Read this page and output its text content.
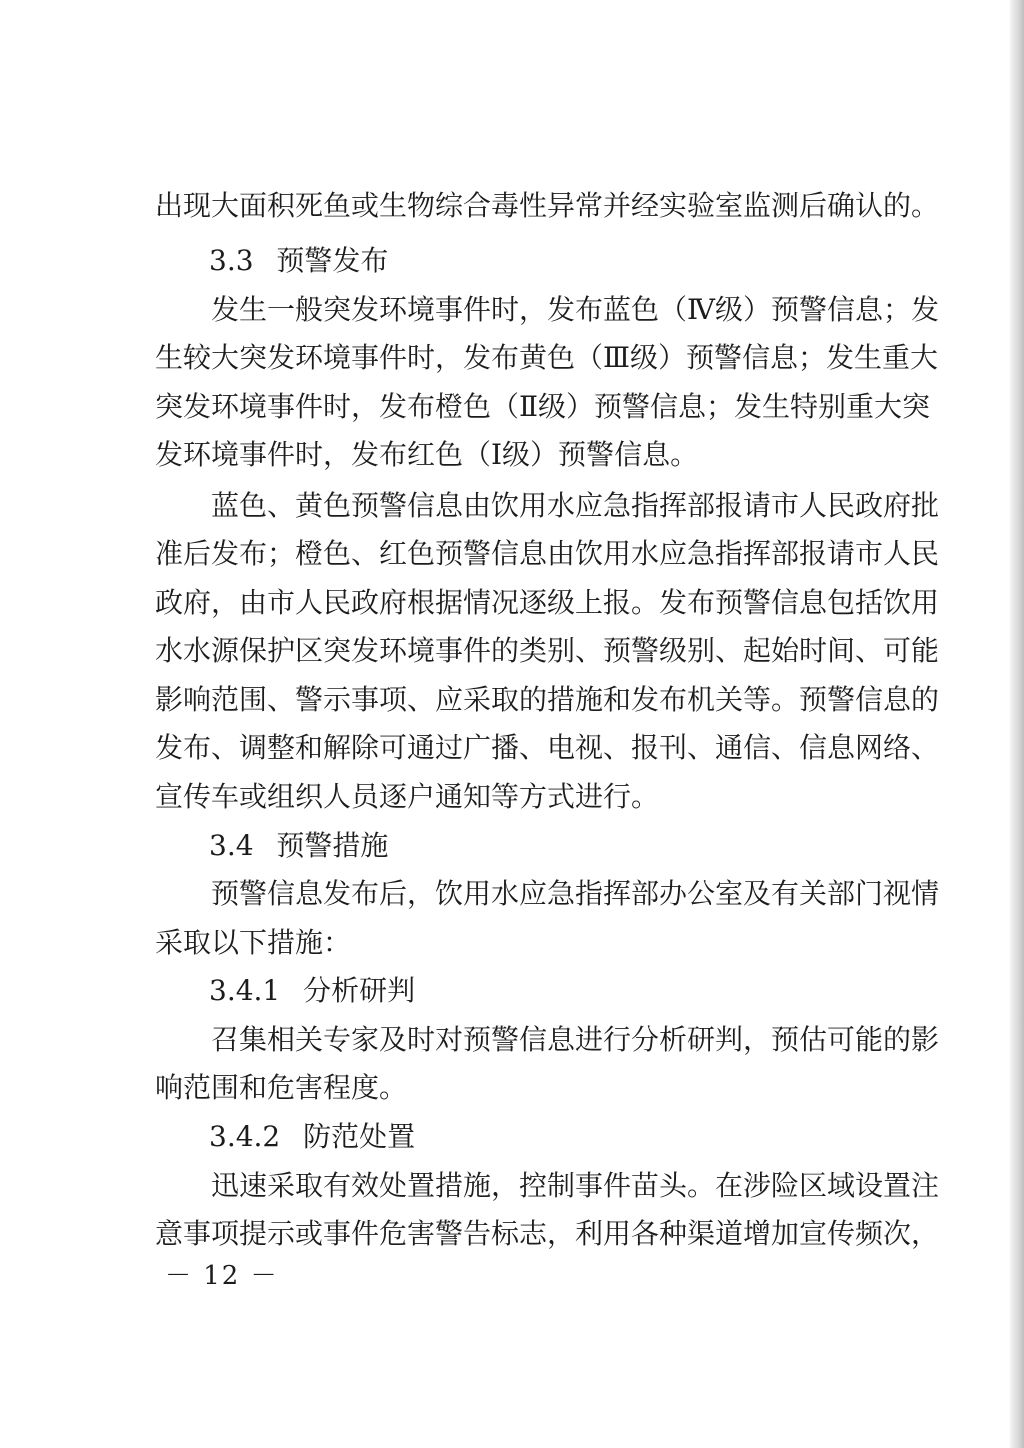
出现大面积死鱼或生物综合毒性异常并经实验室监测后确认的。
3.3 预警发布
发生一般突发环境事件时，发布蓝色（Ⅳ级）预警信息；发
生较大突发环境事件时，发布黄色（Ⅲ级）预警信息；发生重大
突发环境事件时，发布橙色（Ⅱ级）预警信息；发生特别重大突
发环境事件时，发布红色（Ⅰ级）预警信息。
蓝色、黄色预警信息由饮用水应急指挥部报请市人民政府批
准后发布；橙色、红色预警信息由饮用水应急指挥部报请市人民
政府，由市人民政府根据情况逐级上报。发布预警信息包括饮用
水水源保护区突发环境事件的类别、预警级别、起始时间、可能
影响范围、警示事项、应采取的措施和发布机关等。预警信息的
发布、调整和解除可通过广播、电视、报刊、通信、信息网络、
宣传车或组织人员逐户通知等方式进行。
3.4 预警措施
预警信息发布后，饮用水应急指挥部办公室及有关部门视情
采取以下措施：
3.4.1 分析研判
召集相关专家及时对预警信息进行分析研判，预估可能的影
响范围和危害程度。
3.4.2 防范处置
迅速采取有效处置措施，控制事件苗头。在涉险区域设置注
意事项提示或事件危害警告标志，利用各种渠道增加宣传频次，
－ 12 －
